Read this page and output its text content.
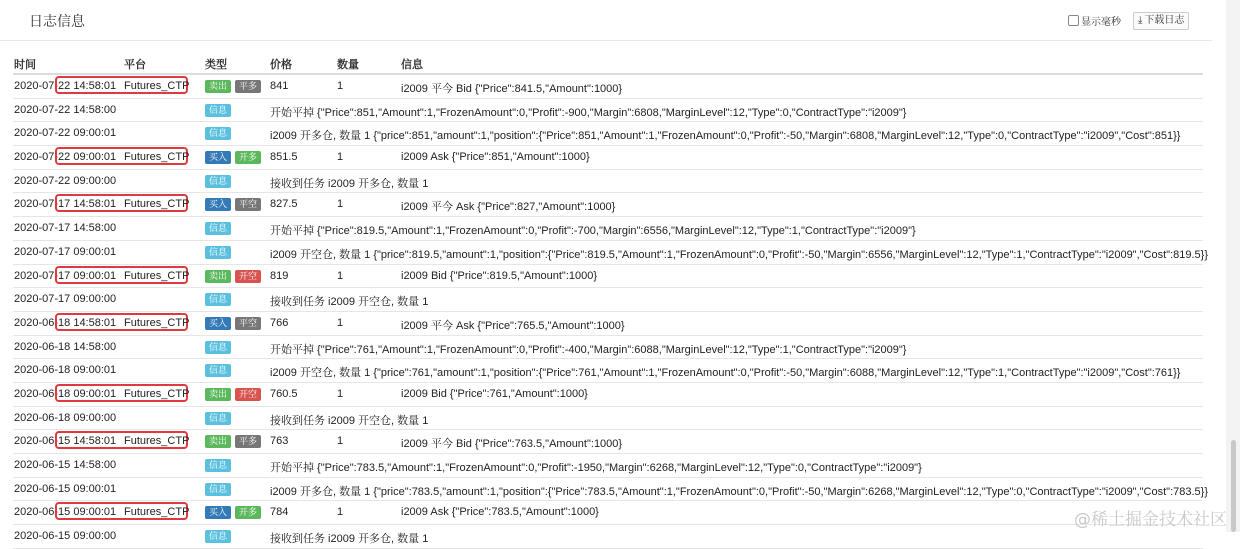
日志信息	显示毫秒 ⤓ 下载日志
时间	平台	类型	价格	数量	信息
2020-07-22 14:58:01 Futures_CTP	卖出	平多	841	1	i2009 平今 Bid {"Price":841.5,"Amount":1000}
2020-07-22 14:58:00	信息	开始平掉 {"Price":851,"Amount":1,"FrozenAmount":0,"Profit":-900,"Margin":6808,"MarginLevel":12,"Type":0,"ContractType":"i2009"}
2020-07-22 09:00:01	信息	i2009 开多仓, 数量 1 {"price":851,"amount":1,"position":{"Price":851,"Amount":1,"FrozenAmount":0,"Profit":-50,"Margin":6808,"MarginLevel":12,"Type":0,"ContractType":"i2009","Cost":851}}
2020-07-22 09:00:01 Futures_CTP	买入	开多	851.5	1	i2009 Ask {"Price":851,"Amount":1000}
2020-07-22 09:00:00	信息	接收到任务 i2009 开多仓, 数量 1
2020-07-17 14:58:01 Futures_CTP	买入	平空	827.5	1	i2009 平今 Ask {"Price":827,"Amount":1000}
2020-07-17 14:58:00	信息	开始平掉 {"Price":819.5,"Amount":1,"FrozenAmount":0,"Profit":-700,"Margin":6556,"MarginLevel":12,"Type":1,"ContractType":"i2009"}
2020-07-17 09:00:01	信息	i2009 开空仓, 数量 1 {"price":819.5,"amount":1,"position":{"Price":819.5,"Amount":1,"FrozenAmount":0,"Profit":-50,"Margin":6556,"MarginLevel":12,"Type":1,"ContractType":"i2009","Cost":819.5}}
2020-07-17 09:00:01 Futures_CTP	卖出	开空	819	1	i2009 Bid {"Price":819.5,"Amount":1000}
2020-07-17 09:00:00	信息	接收到任务 i2009 开空仓, 数量 1
2020-06-18 14:58:01 Futures_CTP	买入	平空	766	1	i2009 平今 Ask {"Price":765.5,"Amount":1000}
2020-06-18 14:58:00	信息	开始平掉 {"Price":761,"Amount":1,"FrozenAmount":0,"Profit":-400,"Margin":6088,"MarginLevel":12,"Type":1,"ContractType":"i2009"}
2020-06-18 09:00:01	信息	i2009 开空仓, 数量 1 {"price":761,"amount":1,"position":{"Price":761,"Amount":1,"FrozenAmount":0,"Profit":-50,"Margin":6088,"MarginLevel":12,"Type":1,"ContractType":"i2009","Cost":761}}
2020-06-18 09:00:01 Futures_CTP	卖出	开空	760.5	1	i2009 Bid {"Price":761,"Amount":1000}
2020-06-18 09:00:00	信息	接收到任务 i2009 开空仓, 数量 1
2020-06-15 14:58:01 Futures_CTP	卖出	平多	763	1	i2009 平今 Bid {"Price":763.5,"Amount":1000}
2020-06-15 14:58:00	信息	开始平掉 {"Price":783.5,"Amount":1,"FrozenAmount":0,"Profit":-1950,"Margin":6268,"MarginLevel":12,"Type":0,"ContractType":"i2009"}
2020-06-15 09:00:01	信息	i2009 开多仓, 数量 1 {"price":783.5,"amount":1,"position":{"Price":783.5,"Amount":1,"FrozenAmount":0,"Profit":-50,"Margin":6268,"MarginLevel":12,"Type":0,"ContractType":"i2009","Cost":783.5}}
2020-06-15 09:00:01 Futures_CTP	买入	开多	784	1	i2009 Ask {"Price":783.5,"Amount":1000}
2020-06-15 09:00:00	信息	接收到任务 i2009 开多仓, 数量 1
@稀土掘金技术社区
